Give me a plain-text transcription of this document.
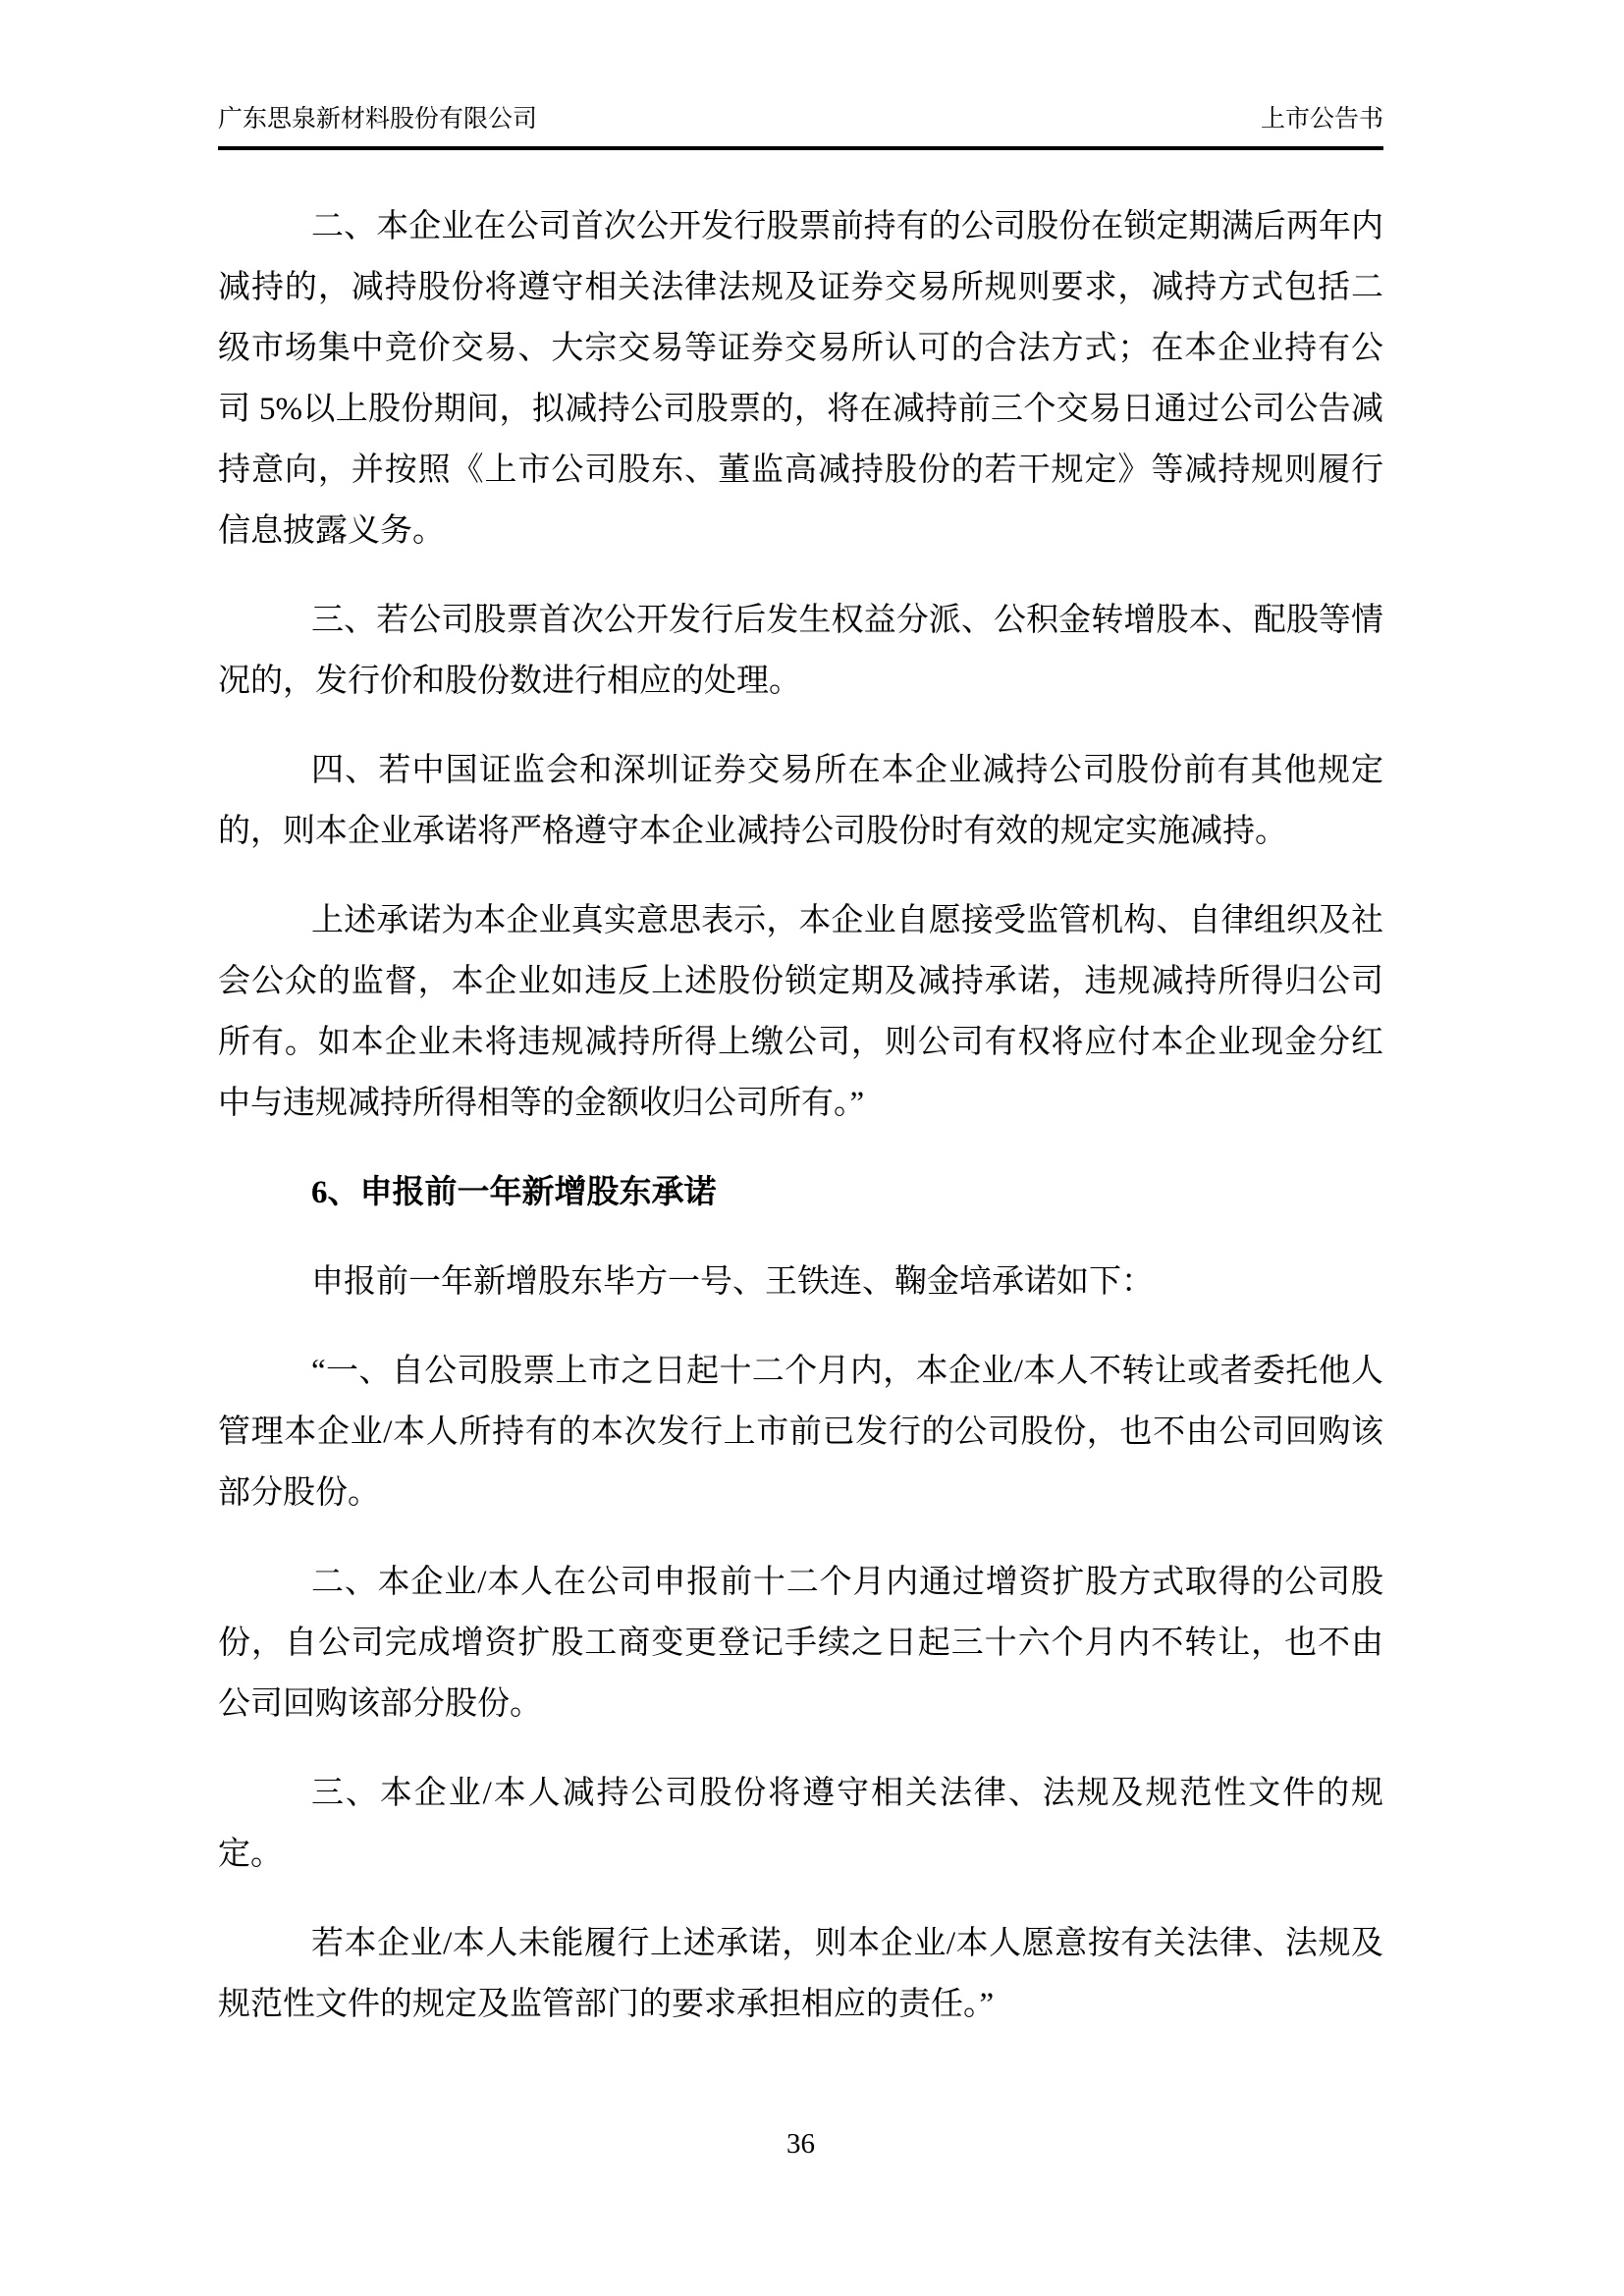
广东思泉新材料股份有限公司	上市公告书

二、本企业在公司首次公开发行股票前持有的公司股份在锁定期满后两年内减持的，减持股份将遵守相关法律法规及证券交易所规则要求，减持方式包括二级市场集中竞价交易、大宗交易等证券交易所认可的合法方式；在本企业持有公司 5%以上股份期间，拟减持公司股票的，将在减持前三个交易日通过公司公告减持意向，并按照《上市公司股东、董监高减持股份的若干规定》等减持规则履行信息披露义务。

三、若公司股票首次公开发行后发生权益分派、公积金转增股本、配股等情况的，发行价和股份数进行相应的处理。

四、若中国证监会和深圳证券交易所在本企业减持公司股份前有其他规定的，则本企业承诺将严格遵守本企业减持公司股份时有效的规定实施减持。

上述承诺为本企业真实意思表示，本企业自愿接受监管机构、自律组织及社会公众的监督，本企业如违反上述股份锁定期及减持承诺，违规减持所得归公司所有。如本企业未将违规减持所得上缴公司，则公司有权将应付本企业现金分红中与违规减持所得相等的金额收归公司所有。”

6、申报前一年新增股东承诺

申报前一年新增股东毕方一号、王铁连、鞠金培承诺如下：

“一、自公司股票上市之日起十二个月内，本企业/本人不转让或者委托他人管理本企业/本人所持有的本次发行上市前已发行的公司股份，也不由公司回购该部分股份。

二、本企业/本人在公司申报前十二个月内通过增资扩股方式取得的公司股份，自公司完成增资扩股工商变更登记手续之日起三十六个月内不转让，也不由公司回购该部分股份。

三、本企业/本人减持公司股份将遵守相关法律、法规及规范性文件的规定。

若本企业/本人未能履行上述承诺，则本企业/本人愿意按有关法律、法规及规范性文件的规定及监管部门的要求承担相应的责任。”

36
